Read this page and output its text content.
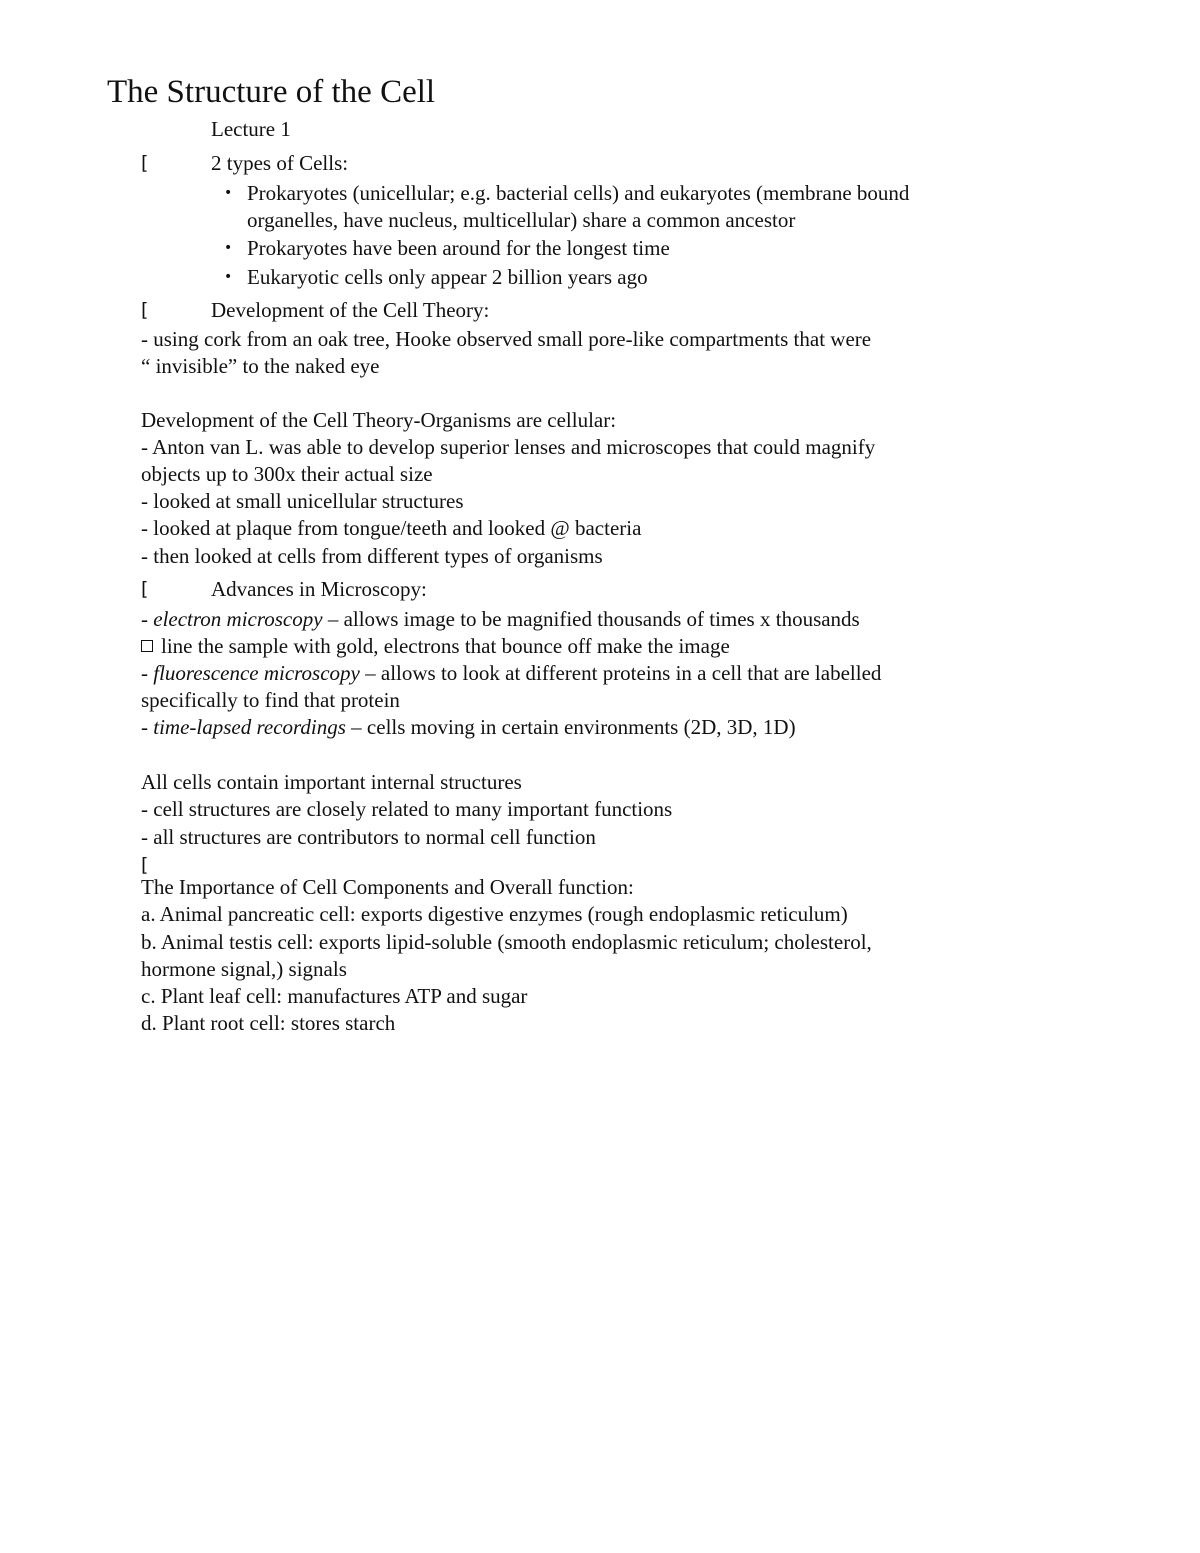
The Structure of the Cell
Lecture 1
[	2 types of Cells:
• Prokaryotes (unicellular; e.g. bacterial cells) and eukaryotes (membrane bound
organelles, have nucleus, multicellular) share a common ancestor
• Prokaryotes have been around for the longest time
• Eukaryotic cells only appear 2 billion years ago
[	Development of the Cell Theory:
- using cork from an oak tree, Hooke observed small pore-like compartments that were
“ invisible” to the naked eye
Development of the Cell Theory-Organisms are cellular:
- Anton van L. was able to develop superior lenses and microscopes that could magnify
objects up to 300x their actual size
- looked at small unicellular structures
- looked at plaque from tongue/teeth and looked @ bacteria
- then looked at cells from different types of organisms
[	Advances in Microscopy:
- electron microscopy – allows image to be magnified thousands of times x thousands
line the sample with gold, electrons that bounce off make the image
- fluorescence microscopy – allows to look at different proteins in a cell that are labelled
specifically to find that protein
- time-lapsed recordings – cells moving in certain environments (2D, 3D, 1D)
All cells contain important internal structures
- cell structures are closely related to many important functions
- all structures are contributors to normal cell function
[
The Importance of Cell Components and Overall function:
a. Animal pancreatic cell: exports digestive enzymes (rough endoplasmic reticulum)
b. Animal testis cell: exports lipid-soluble (smooth endoplasmic reticulum; cholesterol,
hormone signal,) signals
c. Plant leaf cell: manufactures ATP and sugar
d. Plant root cell: stores starch
